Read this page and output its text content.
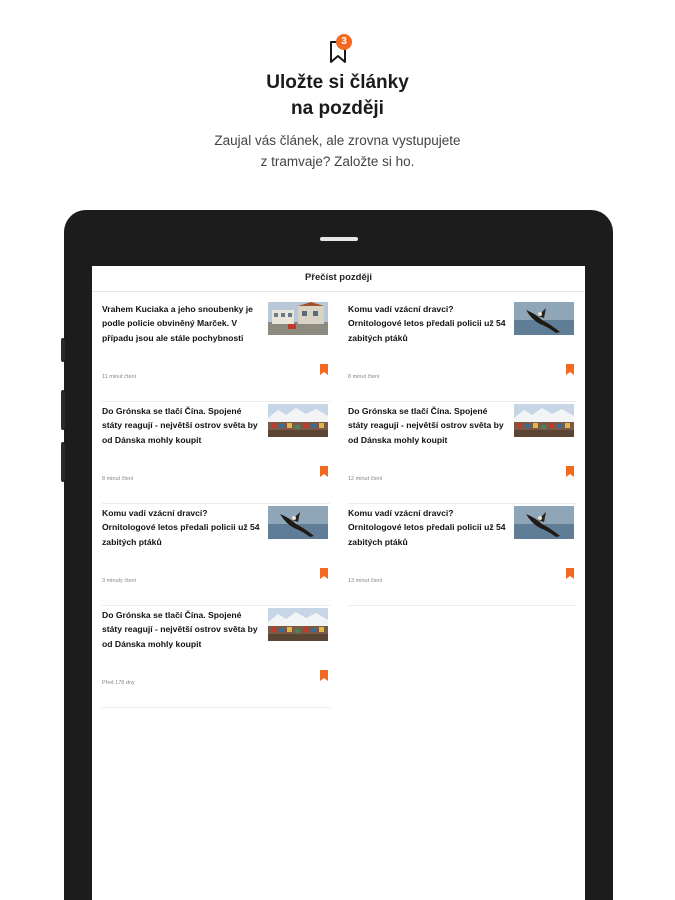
3
Uložte si články
na později
Zaujal vás článek, ale zrovna vystupujete
z tramvaje? Založte si ho.
Přečíst později
Vrahem Kuciaka a jeho snoubenky je podle policie obviněný Marček. V případu jsou ale stále pochybnosti
11 minut čtení
Komu vadí vzácní dravci? Ornitologové letos předali policii už 54 zabitých ptáků
8 minut čtení
Do Grónska se tlačí Čína. Spojené státy reagují - největší ostrov světa by od Dánska mohly koupit
8 minut čtení
Do Grónska se tlačí Čína. Spojené státy reagují - největší ostrov světa by od Dánska mohly koupit
12 minut čtení
Komu vadí vzácní dravci? Ornitologové letos předali policii už 54 zabitých ptáků
3 minuty čtení
Komu vadí vzácní dravci? Ornitologové letos předali policii už 54 zabitých ptáků
13 minut čtení
Do Grónska se tlačí Čína. Spojené státy reagují - největší ostrov světa by od Dánska mohly koupit
Před 178 dny
